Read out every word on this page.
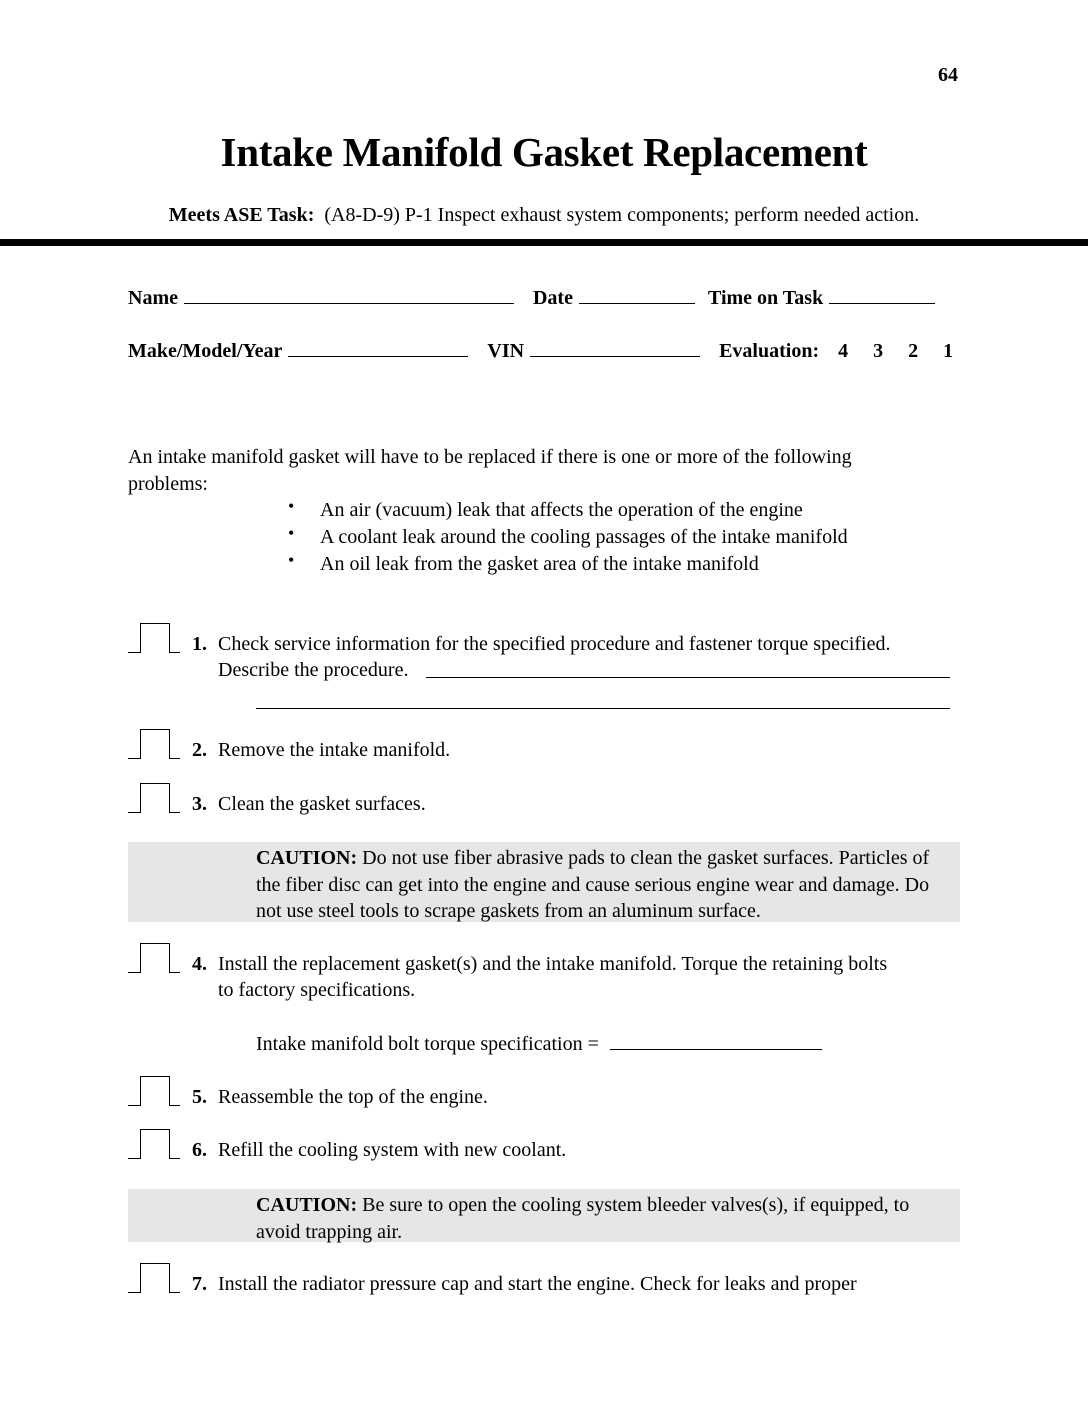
64
Intake Manifold Gasket Replacement
Meets ASE Task: (A8-D-9) P-1 Inspect exhaust system components; perform needed action.
Name	Date	Time on Task
Make/Model/Year	VIN	Evaluation: 4 3 2 1
An intake manifold gasket will have to be replaced if there is one or more of the following problems:
• An air (vacuum) leak that affects the operation of the engine
• A coolant leak around the cooling passages of the intake manifold
• An oil leak from the gasket area of the intake manifold
1. Check service information for the specified procedure and fastener torque specified.
Describe the procedure.
2. Remove the intake manifold.
3. Clean the gasket surfaces.
CAUTION: Do not use fiber abrasive pads to clean the gasket surfaces. Particles of the fiber disc can get into the engine and cause serious engine wear and damage. Do not use steel tools to scrape gaskets from an aluminum surface.
4. Install the replacement gasket(s) and the intake manifold. Torque the retaining bolts
to factory specifications.
Intake manifold bolt torque specification =
5. Reassemble the top of the engine.
6. Refill the cooling system with new coolant.
CAUTION: Be sure to open the cooling system bleeder valves(s), if equipped, to avoid trapping air.
7. Install the radiator pressure cap and start the engine. Check for leaks and proper
